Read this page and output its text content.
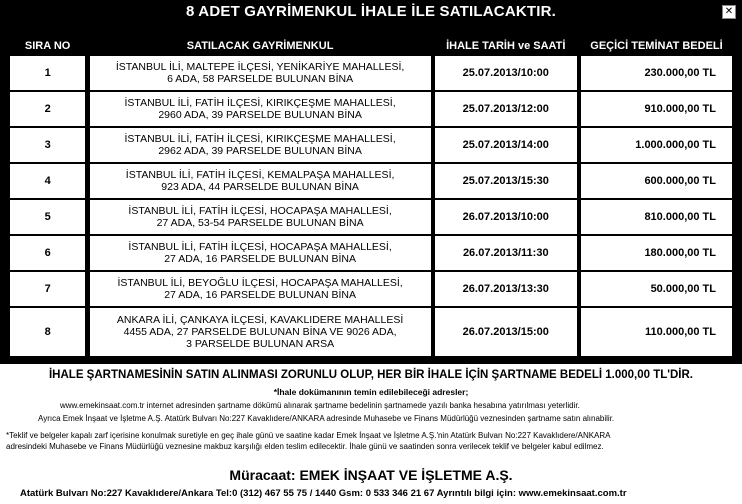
8 ADET GAYRİMENKUL İHALE İLE SATILACAKTIR.	✕
SIRA NO		SATILACAK GAYRİMENKUL		İHALE TARİH ve SAATİ		GEÇİCİ TEMİNAT BEDELİ
1		İSTANBUL İLİ, MALTEPE İLÇESİ, YENİKARİYE MAHALLESİ,
6 ADA, 58 PARSELDE BULUNAN BİNA		25.07.2013/10:00		230.000,00 TL
2		İSTANBUL İLİ, FATİH İLÇESİ, KIRIKÇEŞME MAHALLESİ,
2960 ADA, 39 PARSELDE BULUNAN BİNA		25.07.2013/12:00		910.000,00 TL
3		İSTANBUL İLİ, FATİH İLÇESİ, KIRIKÇEŞME MAHALLESİ,
2962 ADA, 39 PARSELDE BULUNAN BİNA		25.07.2013/14:00		1.000.000,00 TL
4		İSTANBUL İLİ, FATİH İLÇESİ, KEMALPAŞA MAHALLESİ,
923 ADA, 44 PARSELDE BULUNAN BİNA		25.07.2013/15:30		600.000,00 TL
5		İSTANBUL İLİ, FATİH İLÇESİ, HOCAPAŞA MAHALLESİ,
27 ADA, 53-54 PARSELDE BULUNAN BİNA		26.07.2013/10:00		810.000,00 TL
6		İSTANBUL İLİ, FATİH İLÇESİ, HOCAPAŞA MAHALLESİ,
27 ADA, 16 PARSELDE BULUNAN BİNA		26.07.2013/11:30		180.000,00 TL
7		İSTANBUL İLİ, BEYOĞLU İLÇESİ, HOCAPAŞA MAHALLESİ,
27 ADA, 16 PARSELDE BULUNAN BİNA		26.07.2013/13:30		50.000,00 TL
8		ANKARA İLİ, ÇANKAYA İLÇESİ, KAVAKLIDERE MAHALLESİ
4455 ADA, 27 PARSELDE BULUNAN BİNA VE 9026 ADA,
3 PARSELDE BULUNAN ARSA		26.07.2013/15:00		110.000,00 TL
İHALE ŞARTNAMESİNİN SATIN ALINMASI ZORUNLU OLUP, HER BİR İHALE İÇİN ŞARTNAME BEDELİ 1.000,00 TL'DİR.
*İhale dokümanının temin edilebileceği adresler;
www.emekinsaat.com.tr internet adresinden şartname dökümü alınarak şartname bedelinin şartnamede yazılı banka hesabına yatırılması yeterlidir.
Ayrıca Emek İnşaat ve İşletme A.Ş. Atatürk Bulvarı No:227 Kavaklıdere/ANKARA adresinde Muhasebe ve Finans Müdürlüğü veznesinden şartname satın alınabilir.
*Teklif ve belgeler kapalı zarf içerisine konulmak suretiyle en geç ihale günü ve saatine kadar Emek İnşaat ve İşletme A.Ş.'nin Atatürk Bulvarı No:227 Kavaklıdere/ANKARA
adresindeki Muhasebe ve Finans Müdürlüğü veznesine makbuz karşılığı elden teslim edilecektir. İhale günü ve saatinden sonra verilecek teklif ve belgeler kabul edilmez.
Müracaat: EMEK İNŞAAT VE İŞLETME A.Ş.
Atatürk Bulvarı No:227 Kavaklıdere/Ankara Tel:0 (312) 467 55 75 / 1440 Gsm: 0 533 346 21 67 Ayrıntılı bilgi için: www.emekinsaat.com.tr
